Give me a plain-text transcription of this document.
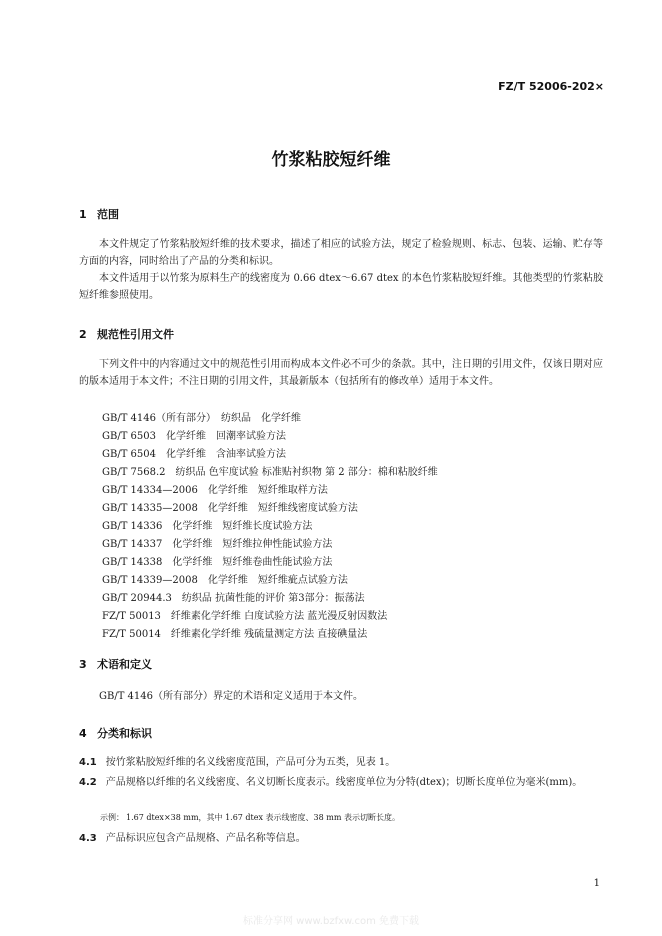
FZ/T 52006-202×
竹浆粘胶短纤维
1 范围

本文件规定了竹浆粘胶短纤维的技术要求，描述了相应的试验方法，规定了检验规则、标志、包装、运输、贮存等方面的内容，同时给出了产品的分类和标识。

本文件适用于以竹浆为原料生产的线密度为 0.66 dtex～6.67 dtex 的本色竹浆粘胶短纤维。其他类型的竹浆粘胶短纤维参照使用。

2 规范性引用文件

下列文件中的内容通过文中的规范性引用而构成本文件必不可少的条款。其中，注日期的引用文件，仅该日期对应的版本适用于本文件；不注日期的引用文件，其最新版本（包括所有的修改单）适用于本文件。

GB/T 4146（所有部分）　纺织品　化学纤维
GB/T 6503　化学纤维　回潮率试验方法
GB/T 6504　化学纤维　含油率试验方法
GB/T 7568.2　纺织品 色牢度试验 标准贴衬织物 第 2 部分：棉和粘胶纤维
GB/T 14334—2006　化学纤维　短纤维取样方法
GB/T 14335—2008　化学纤维　短纤维线密度试验方法
GB/T 14336　化学纤维　短纤维长度试验方法
GB/T 14337　化学纤维　短纤维拉伸性能试验方法
GB/T 14338　化学纤维　短纤维卷曲性能试验方法
GB/T 14339—2008　化学纤维　短纤维疵点试验方法
GB/T 20944.3　纺织品 抗菌性能的评价 第3部分：振荡法
FZ/T 50013　纤维素化学纤维 白度试验方法 蓝光漫反射因数法
FZ/T 50014　纤维素化学纤维 残硫量测定方法 直接碘量法
3 术语和定义

GB/T 4146（所有部分）界定的术语和定义适用于本文件。

4 分类和标识

4.1 按竹浆粘胶短纤维的名义线密度范围，产品可分为五类，见表 1。

4.2 产品规格以纤维的名义线密度、名义切断长度表示。线密度单位为分特(dtex)；切断长度单位为毫米(mm)。

示例： 1.67 dtex×38 mm，其中 1.67 dtex 表示线密度、38 mm 表示切断长度。

4.3 产品标识应包含产品规格、产品名称等信息。

1
标准分享网 www.bzfxw.com 免费下载
